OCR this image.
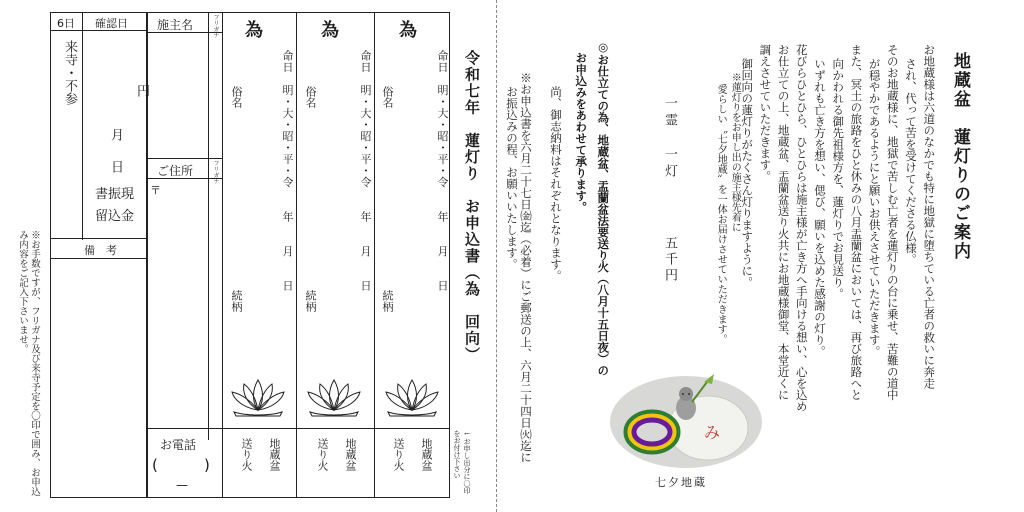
6日 確認日
来寺・不参	円
月
日
書振現
留込金
備　考
※お手数ですが、フリガナ及び来寺予定を〇印で囲み、お申込み内容をご記入下さいませ。
施主名	フリガナ
ご住所	フリガナ
〒
お電話
(	)
—
為
命日　明・大・昭・平・令　　年　　月　　日
俗名
続柄
地蔵盆
送り火
為
命日　明・大・昭・平・令　　年　　月　　日
俗名
続柄
地蔵盆
送り火
為
命日　明・大・昭・平・令　　年　　月　　日
俗名
続柄
地蔵盆
送り火
令和七年　蓮灯り　お申込書（為　回向）
←お申し出分に〇印をお付け下さい	※お申込書を六月二十七日㈮迄（必着）にご郵送の上、六月二十四日㈫迄に
お振込みの程、お願いいたします。	尚、御志納料はそれぞれとなります。	◎お仕立ての為、地蔵盆、盂蘭盆法要送り火（八月十五日夜）の
お申込みをあわせて承ります。	一霊　一灯
五千円
※蓮灯りをお申し出の施主様先着に
愛らしい〝七夕地蔵〟を一体お届けさせていただきます。	お地蔵様は六道のなかでも特に地獄に堕ちている亡者の救いに奔走
され、代って苦を受けてくださる仏様。
そのお地蔵様に、地獄で苦しむ亡者を蓮灯りの台に乗せ、苦難の道中
が穏やかであるようにと願いお供えさせていただきます。
また、冥土の旅路をひと休みの八月盂蘭盆においては、再び旅路へと
向かわれる御先祖様方を、蓮灯りでお見送り。
いずれも亡き方を想い、偲び、願いを込めた感謝の灯り。
花びらひとひら、ひとひらは施主様が亡き方へ手向ける想い、心を込め
お仕立ての上、地蔵盆、盂蘭盆送り火共にお地蔵様御堂、本堂近くに
調えさせていただきます。
御回向の蓮灯りがたくさん灯りますように。	地蔵盆　蓮灯りのご案内
み
七夕地蔵
